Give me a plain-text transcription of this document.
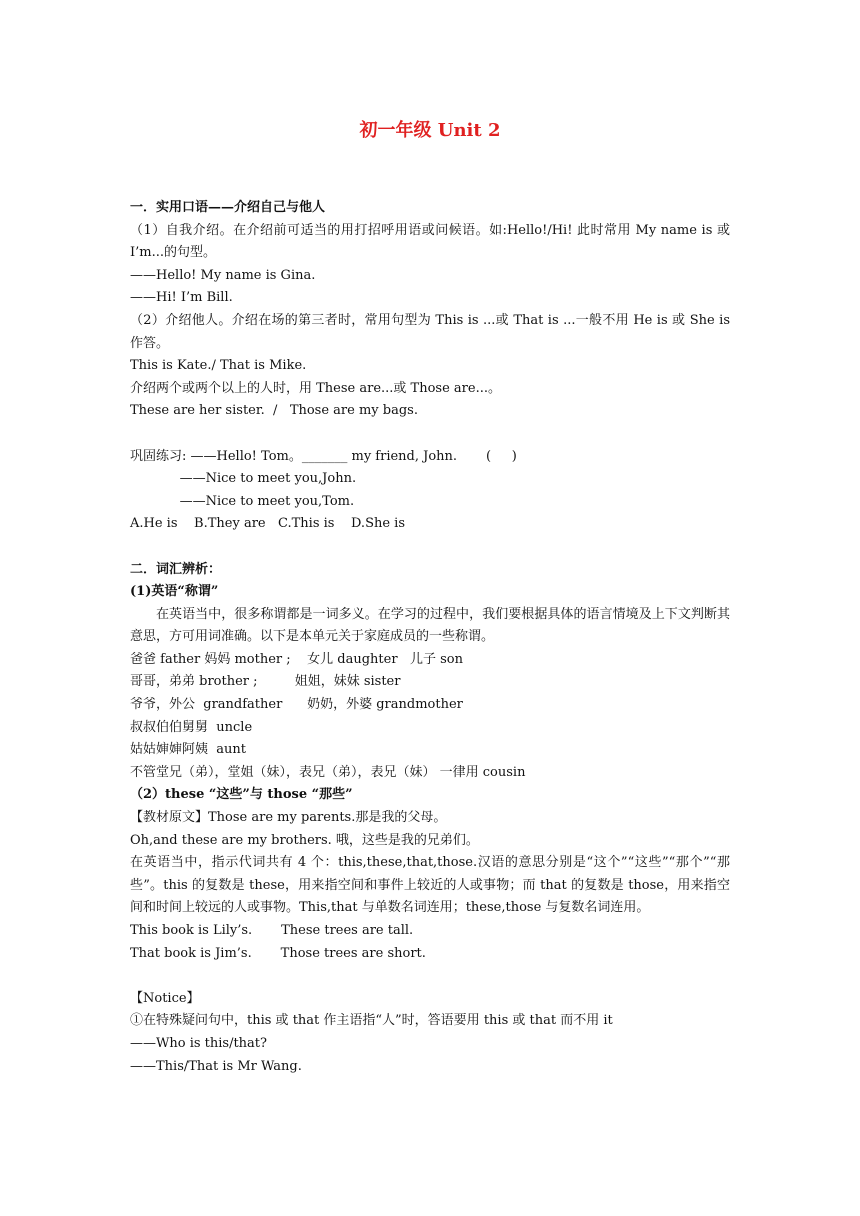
初一年级 Unit 2
一．实用口语——介绍自己与他人
（1）自我介绍。在介绍前可适当的用打招呼用语或问候语。如:Hello!/Hi! 此时常用 My name is 或 I’m...的句型。
——Hello! My name is Gina.
——Hi! I’m Bill.
（2）介绍他人。介绍在场的第三者时，常用句型为 This is ...或 That is ...一般不用 He is 或 She is 作答。
This is Kate./ That is Mike.
介绍两个或两个以上的人时，用 These are...或 Those are...。
These are her sister.  /   Those are my bags.
巩固练习: ——Hello! Tom。_______ my friend, John.       (     )
——Nice to meet you,John.
——Nice to meet you,Tom.
A.He is    B.They are   C.This is    D.She is
二．词汇辨析：
(1)英语“称谓”
在英语当中，很多称谓都是一词多义。在学习的过程中，我们要根据具体的语言情境及上下文判断其意思，方可用词准确。以下是本单元关于家庭成员的一些称谓。
爸爸 father 妈妈 mother ;    女儿 daughter   儿子 son
哥哥，弟弟 brother ;         姐姐，妹妹 sister
爷爷，外公  grandfather      奶奶，外婆 grandmother
叔叔伯伯舅舅  uncle
姑姑婶婶阿姨  aunt
不管堂兄（弟），堂姐（妹），表兄（弟），表兄（妹） 一律用 cousin
（2）these “这些”与 those “那些”
【教材原文】Those are my parents.那是我的父母。
Oh,and these are my brothers. 哦，这些是我的兄弟们。
在英语当中，指示代词共有 4 个：this,these,that,those.汉语的意思分别是“这个”“这些”“那个”“那些”。this 的复数是 these，用来指空间和事件上较近的人或事物；而 that 的复数是 those，用来指空间和时间上较远的人或事物。This,that 与单数名词连用；these,those 与复数名词连用。
This book is Lily’s.       These trees are tall.
That book is Jim’s.       Those trees are short.
【Notice】
①在特殊疑问句中，this 或 that 作主语指“人”时，答语要用 this 或 that 而不用 it
——Who is this/that?
——This/That is Mr Wang.
